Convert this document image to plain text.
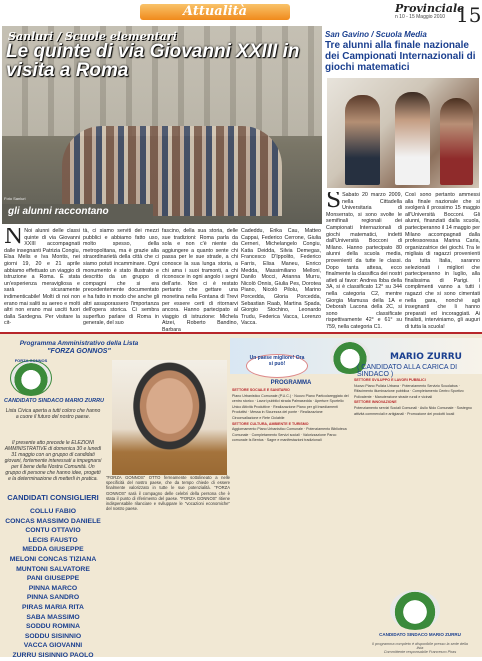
Attualità	Provinciale
n 10 - 15 Maggio 2010 15
Sanluri / Scuole elementari
Le quinte di via Giovanni XXIII in visita a Roma
Foto Sanluri
gli alunni raccontano
San Gavino / Scuola Media
Tre alunni alla finale nazionale dei Campionati Internazionali di giochi matematici
N Noi alunni delle classi quinte di via Giovanni XXIII accompagnati dalle insegnanti Patrizia Congiu, Elsa Melis e Iva Montis, nei giorni 19, 20 e 21 aprile abbiamo effettuato un viaggio di istruzione a Roma. È stata un'esperienza meravigliosa e sarà sicuramente indimenticabile! Molti di noi non erano mai saliti su aereo e molti altri non erano mai usciti fuori dalla Sardegna. Per visitare la cit-
tà, ci siamo serviti dei mezzi pubblici e abbiamo fatto uso, molto spesso, della metropolitana, ma è grazie alla straordinarietà della città che ci siamo potuti incamminare. Ogni monumento è stato illustrato e descritto da un gruppo di compagni che si era precedentemente documentato e ha fatto in modo che anche gli altri assaporassero l'importanza dell'opera storica. Ci sembra superfluo parlare di Roma in generale, del suo
fascino, della sua storia, delle sue tradizioni: Roma parla da sola e non c'è niente da aggiungere a quanto sente chi passa per le sue strade, a chi conosce la sua lunga storia, a chi ama i suoi tramonti, a chi riconosce in ogni angolo i segni dell'arte. Non ci è restato pertanto che gettare una monetina nella Fontana di Trevi per essere certi di ritornarvi ancora. Hanno partecipato al viaggio di istruzione: Michela Atzei, Roberto Bandino, Barbara
Cadeddu, Erika Cau, Matteo Cappai, Federico Cerrone, Giulia Cerneri, Michelangelo Congiu, Katia Deidda, Silvia Demegas, Francesco D'Ippolito, Federico Farris, Elisa Maneu, Enrico Medda, Massimiliano Melloni, Danilo Mocci, Arianna Murru, Nicolò Onnis, Giulia Pes, Dorotea Piano, Nicolò Pilolu, Marino Porcedda, Gloria Porcedda, Sebastian Raab, Martina Spada, Giorgio Stochino, Leonardo Trudu, Federica Vacca, Lorenzo Vacca.
S Sabato 20 marzo 2009, nella Cittadella Universitaria di Monserrato, si sono svolte le semifinali regionali dei Campionati Internazionali di giochi matematici, indetti dall'Università Bocconi di Milano. Hanno partecipato 80 alunni della scuola media, provenienti da tutte le classi. Dopo tanta attesa, ecco finalmente la classifica dei nostri atleti al favor: Andrea Ibba della 3A, si è classificato 12° su 344 nella categoria C2, mentre Giorgia Mamusa della 1A e Deborah Lacona della 2C, si sono classificate rispettivamente 42° e 61° su 759, nella categoria C1.
Così sono pertanto ammessi alla finale nazionale che si svolgerà il prossimo 15 maggio all'Università Bocconi. Gli alunni, finanziati dalla scuola, parteciperanno il 14 maggio per Milano accompagnati dalla professoressa Marina Caria, organizzatrice dei giochi. Tra le migliaia di ragazzi provenienti da tutta Italia, saranno selezionati i migliori che parteciperanno in luglio, alla finalissima di Parigi. I complimenti vanno a tutti i ragazzi che si sono cimentati nella gara, nonché agli insegnanti che li hanno preparati ed incoraggiati. Ai finalisti, interviniamo, gli auguri di tutta la scuola!
Programma Amministrativo della Lista
"FORZA GONNOS"
FORZA GONNOS
CANDIDATO SINDACO MARIO ZURRU
Lista Civica aperta a tutti coloro che hanno a cuore il futuro del nostro paese.
Il presente atto precede le ELEZIONI AMMINISTRATIVE di domenica 30 e lunedì 31 maggio con un gruppo di candidati giovani, fortemente interessati a impegnarsi per il bene della Nostra Comunità. Un gruppo di persone che hanno idee, progetti e la determinazione di metterli in pratica.
CANDIDATI CONSIGLIERI
COLLU FABIO
CONCAS MASSIMO DANIELE
CONTU OTTAVIO
LECIS FAUSTO
MEDDA GIUSEPPE
MELONI CONCAS TIZIANA
MUNTONI SALVATORE
PANI GIUSEPPE
PINNA MARCO
PINNA SANDRO
PIRAS MARIA RITA
SABA MASSIMO
SODDU ROMINA
SODDU SISINNIO
VACCA GIOVANNI
ZURRU SISINNIO PAOLO
Un paese migliore! Ora si può!
MARIO ZURRU
( CANDIDATO ALLA CARICA DI SINDACO )
"FORZA GONNOS" OTTO ferreamente sottolineato a nelle specificità del nostro paese, che da tempo chiede di essere finalmente valorizzato in tutte le sue potenzialità. "FORZA GONNOS" sarà il compagno delle celebri della persona che è stata il punto di riferimento del paese. "FORZA GONNOS" ritiene indispensabile rilanciare e sviluppare le "vocazioni economiche" del nostro paese.
PROGRAMMA
SETTORE SOCIALE E SANITARIO
Piano Urbanistico Comunale (P.U.C.) · Nuovo Piano Particolareggiato del centro storico · Lavori pubblici strada Palmasedda · Aperture Sportello Unico Attività Produttive · Realizzazione Piano per gli Insediamenti Produttivi · Messa in Sicurezza del ponte · Realizzazione Circonvallazione e Rete Ciclabile
SETTORE CULTURA, AMBIENTE E TURISMO
Aggiornamento Piano Urbanistico Comunale · Potenziamento Biblioteca Comunale · Completamento Servizi sociali · Valorizzazione Parco comunale Is Bentus · Sagre e manifestazioni tradizionali
SETTORE SVILUPPO E LAVORI PUBBLICI
Nuovo Piano Pulizia Urbana · Potenziamento Servizio Scuolabus · Rifacimento illuminazione pubblica · Completamento Centro Sportivo Polivalente · Manutenzione strade rurali e vicinali
SETTORE INNOVAZIONE
Potenziamento servizi Sociali Comunali · Asilo Nido Comunale · Sostegno attività commerciali e artigianali · Promozione dei prodotti locali
CANDIDATO SINDACO MARIO ZURRU
Il programma completo è disponibile presso la sede della lista
Committente responsabile Francesco Piras
